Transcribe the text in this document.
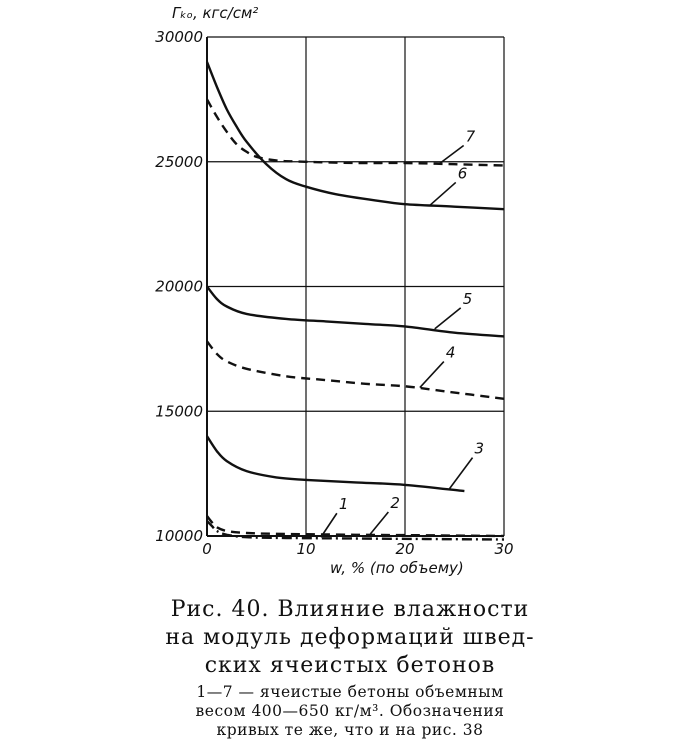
10000
15000
20000
25000
30000
0	10	20	30
Гₖₒ, кгс/см²
w, % (по объему)
1	2
3
4
5
6
7
Рис. 40. Влияние влажности
на модуль деформаций швед-
ских ячеистых бетонов
1—7 — ячеистые бетоны объемным
весом 400—650 кг/м³. Обозначения
кривых те же, что и на рис. 38
